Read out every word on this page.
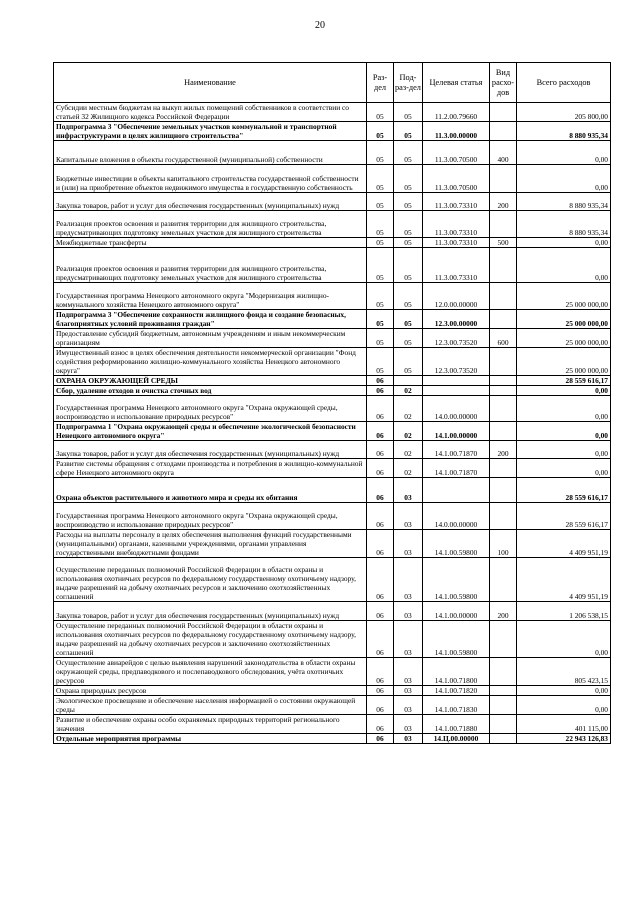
20
Наименование	Раз-дел	Под-раз-дел	Целевая статья	Вид расхо-дов	Всего расходов
Субсидии местным бюджетам на выкуп жилых помещений собственников в соответствии со статьей 32 Жилищного кодекса Российской Федерации	05	05	11.2.00.79660		205 800,00
Подпрограмма 3 "Обеспечение земельных участков коммунальной и транспортной инфраструктурами в целях жилищного строительства"	05	05	11.3.00.00000		8 880 935,34
Капитальные вложения в объекты государственной (муниципальной) собственности	05	05	11.3.00.70500	400	0,00
Бюджетные инвестиции в объекты капитального строительства государственной собственности и (или) на приобретение объектов недвижимого имущества в государственную собственность	05	05	11.3.00.70500		0,00
Закупка товаров, работ и услуг для обеспечения государственных (муниципальных) нужд	05	05	11.3.00.73310	200	8 880 935,34
Реализация проектов освоения и развития территории для жилищного строительства, предусматривающих подготовку земельных участков для жилищного строительства	05	05	11.3.00.73310		8 880 935,34
Межбюджетные трансферты	05	05	11.3.00.73310	500	0,00
Реализация проектов освоения и развития территории для жилищного строительства, предусматривающих подготовку земельных участков для жилищного строительства	05	05	11.3.00.73310		0,00
Государственная программа Ненецкого автономного округа "Модернизация жилищно-коммунального хозяйства Ненецкого автономного округа"	05	05	12.0.00.00000		25 000 000,00
Подпрограмма 3 "Обеспечение сохранности жилищного фонда и создание безопасных, благоприятных условий проживания граждан"	05	05	12.3.00.00000		25 000 000,00
Предоставление субсидий бюджетным, автономным учреждениям и иным некоммерческим организациям	05	05	12.3.00.73520	600	25 000 000,00
Имущественный взнос в целях обеспечения деятельности некоммерческой организации "Фонд содействия реформированию жилищно-коммунального хозяйства Ненецкого автономного округа"	05	05	12.3.00.73520		25 000 000,00
ОХРАНА ОКРУЖАЮЩЕЙ СРЕДЫ	06				28 559 616,17
Сбор, удаление отходов и очистка сточных вод	06	02			0,00
Государственная программа Ненецкого автономного округа "Охрана окружающей среды, воспроизводство и использование природных ресурсов"	06	02	14.0.00.00000		0,00
Подпрограмма 1 "Охрана окружающей среды и обеспечение экологической безопасности Ненецкого автономного округа"	06	02	14.1.00.00000		0,00
Закупка товаров, работ и услуг для обеспечения государственных (муниципальных) нужд	06	02	14.1.00.71870	200	0,00
Развитие системы обращения с отходами производства и потребления в жилищно-коммунальной сфере Ненецкого автономного округа	06	02	14.1.00.71870		0,00
Охрана объектов растительного и животного мира и среды их обитания	06	03			28 559 616,17
Государственная программа Ненецкого автономного округа "Охрана окружающей среды, воспроизводство и использование природных ресурсов"	06	03	14.0.00.00000		28 559 616,17
Расходы на выплаты персоналу в целях обеспечения выполнения функций государственными (муниципальными) органами, казенными учреждениями, органами управления государственными внебюджетными фондами	06	03	14.1.00.59800	100	4 409 951,19
Осуществление переданных полномочий Российской Федерации в области охраны и использования охотничьих ресурсов по федеральному государственному охотничьему надзору, выдаче разрешений на добычу охотничьих ресурсов и заключению охотхозяйственных соглашений	06	03	14.1.00.59800		4 409 951,19
Закупка товаров, работ и услуг для обеспечения государственных (муниципальных) нужд	06	03	14.1.00.00000	200	1 206 538,15
Осуществление переданных полномочий Российской Федерации в области охраны и использования охотничьих ресурсов по федеральному государственному охотничьему надзору, выдаче разрешений на добычу охотничьих ресурсов и заключению охотхозяйственных соглашений	06	03	14.1.00.59800		0,00
Осуществление авиарейдов с целью выявления нарушений законодательства в области охраны окружающей среды, предпаводкового и послепаводкового обследования, учёта охотничьих ресурсов	06	03	14.1.00.71800		805 423,15
Охрана природных ресурсов	06	03	14.1.00.71820		0,00
Экологическое просвещение и обеспечение населения информацией о состоянии окружающей среды	06	03	14.1.00.71830		0,00
Развитие и обеспечение охраны особо охраняемых природных территорий регионального значения	06	03	14.1.00.71880		401 115,00
Отдельные мероприятия программы	06	03	14.Ц.00.00000		22 943 126,83
